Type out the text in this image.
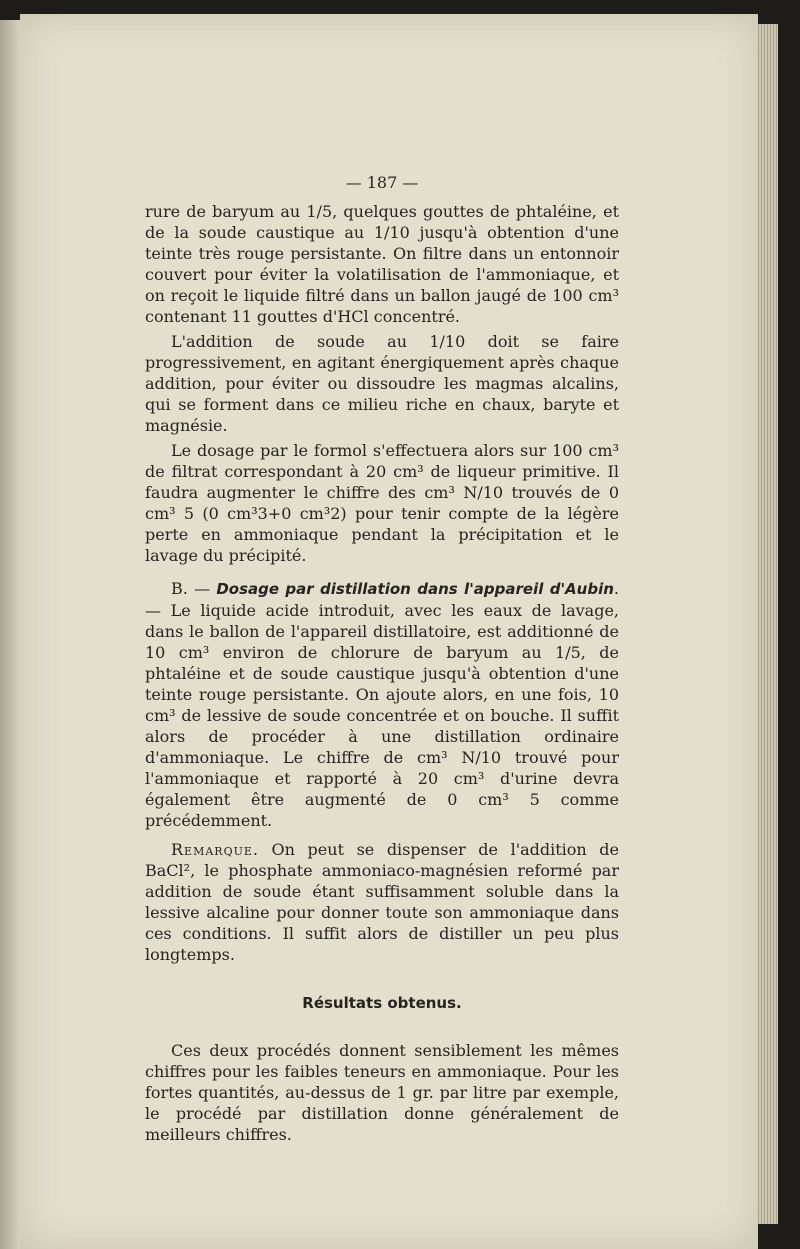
— 187 —

rure de baryum au 1/5, quelques gouttes de phtaléine, et de la soude caustique au 1/10 jusqu'à obtention d'une teinte très rouge persistante. On filtre dans un entonnoir couvert pour éviter la volatilisation de l'ammoniaque, et on reçoit le liquide filtré dans un ballon jaugé de 100 cm³ contenant 11 gouttes d'HCl concentré.

L'addition de soude au 1/10 doit se faire progressivement, en agitant énergiquement après chaque addition, pour éviter ou dissoudre les magmas alcalins, qui se forment dans ce milieu riche en chaux, baryte et magnésie.

Le dosage par le formol s'effectuera alors sur 100 cm³ de filtrat correspondant à 20 cm³ de liqueur primitive. Il faudra augmenter le chiffre des cm³ N/10 trouvés de 0 cm³ 5 (0 cm³3+0 cm³2) pour tenir compte de la légère perte en ammoniaque pendant la précipitation et le lavage du précipité.

B. — Dosage par distillation dans l'appareil d'Aubin. — Le liquide acide introduit, avec les eaux de lavage, dans le ballon de l'appareil distillatoire, est additionné de 10 cm³ environ de chlorure de baryum au 1/5, de phtaléine et de soude caustique jusqu'à obtention d'une teinte rouge persistante. On ajoute alors, en une fois, 10 cm³ de lessive de soude concentrée et on bouche. Il suffit alors de procéder à une distillation ordinaire d'ammoniaque. Le chiffre de cm³ N/10 trouvé pour l'ammoniaque et rapporté à 20 cm³ d'urine devra également être augmenté de 0 cm³ 5 comme précédemment.

Remarque. On peut se dispenser de l'addition de BaCl², le phosphate ammoniaco-magnésien reformé par addition de soude étant suffisamment soluble dans la lessive alcaline pour donner toute son ammoniaque dans ces conditions. Il suffit alors de distiller un peu plus longtemps.

Résultats obtenus.

Ces deux procédés donnent sensiblement les mêmes chiffres pour les faibles teneurs en ammoniaque. Pour les fortes quantités, au-dessus de 1 gr. par litre par exemple, le procédé par distillation donne généralement de meilleurs chiffres.
